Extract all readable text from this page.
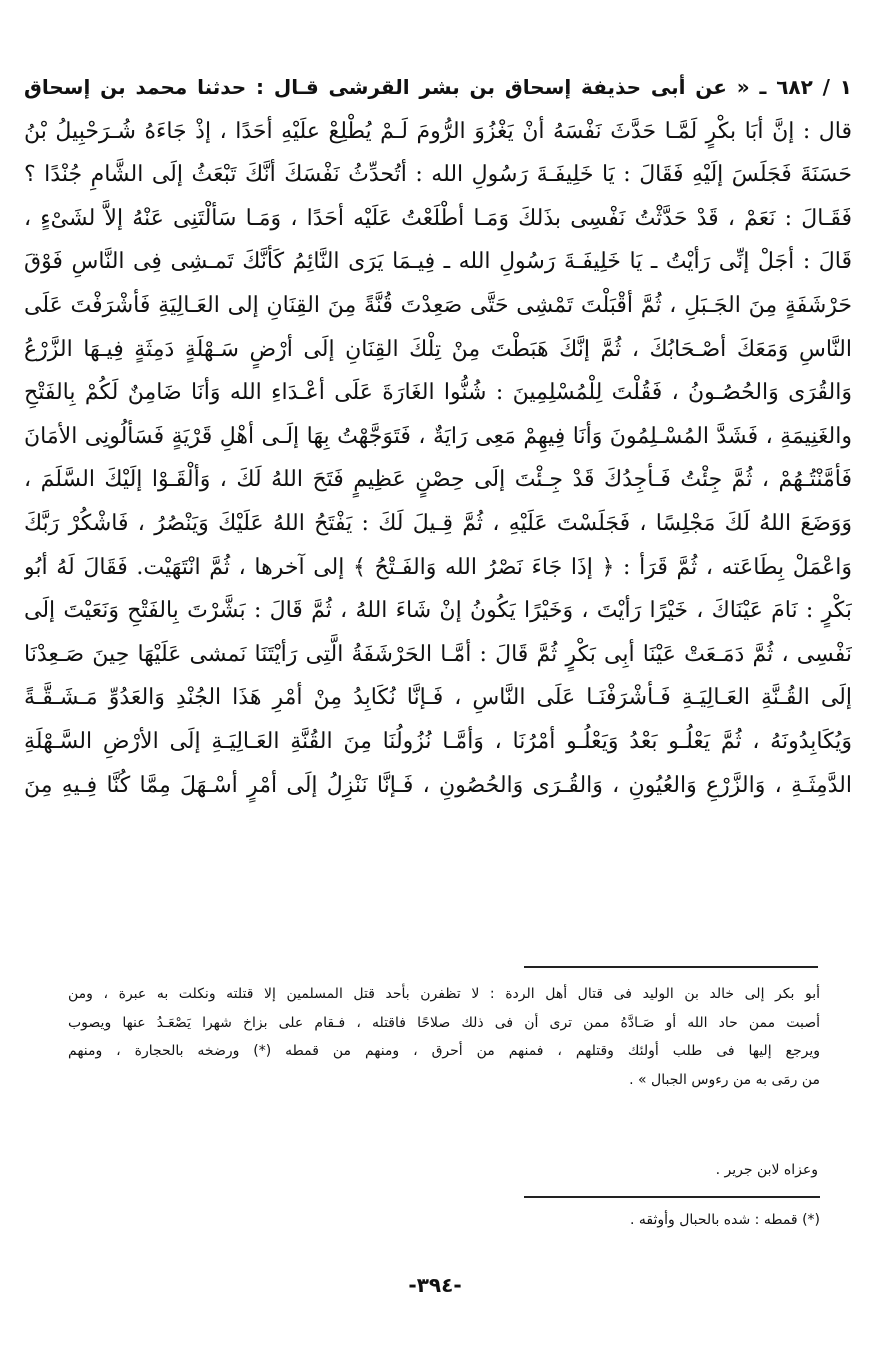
١ / ٦٨٢ ـ « عن أبى حذيفة إسحاق بن بشر القرشى قـال : حدثنا محمد بن إسحاق
قال : إنَّ أبَا بكْرٍ لَمَّـا حَدَّثَ نَفْسَهُ أنْ يَغْزُوَ الرُّومَ لَـمْ يُطْلِعْ علَيْهِ أحَدًا ، إذْ جَاءَهُ شُـرَحْبِيلُ بْنُ
حَسَنَةَ فَجَلَسَ إلَيْهِ فَقَالَ : يَا خَلِيفَـةَ رَسُولِ الله : أتُحدِّثُ نَفْسَكَ أنَّكَ تَبْعَثُ إلَى الشَّامِ جُنْدًا ؟
فَقَـالَ : نَعَمْ ، قَدْ حَدَّثْتُ نَفْسِى بذَلكَ وَمَـا أطْلَعْتُ عَلَيْه أحَدًا ، وَمَـا سَألْتَنِى عَنْهُ إلاَّ لشَىْءٍ ،
قَالَ : أجَلْ إنِّى رَأيْتُ ـ يَا خَلِيفَـةَ رَسُولِ الله ـ فِيـمَا يَرَى النَّائِمُ كَأنَّكَ تَمـشِى فِى النَّاسِ فَوْقَ
حَرْشَفَةٍ مِنَ الجَـبَلِ ، ثُمَّ أقْبَلْتَ تَمْشِى حَتَّى صَعِدْتَ قُنَّةً مِنَ القِنَانِ إلى العَـالِيَةِ فَأشْرَفْتَ عَلَى
النَّاسِ وَمَعَكَ أصْـحَابُكَ ، ثُمَّ إنَّكَ هَبَطْتَ مِنْ تِلْكَ القِنَانِ إلَى أرْضٍ سَـهْلَةٍ دَمِثَةٍ فِيـهَا الزَّرْعُ
وَالقُرَى وَالحُصُـونُ ، فَقُلْتَ لِلْمُسْلِمِينَ : شُنُّوا الغَارَةَ عَلَى أعْـدَاءِ الله وَأنَا ضَامِنٌ لَكُمْ بِالفَتْحِ
والغَنِيمَةِ ، فَشَدَّ المُسْـلِمُونَ وَأنَا فِيهِمْ مَعِى رَايَةٌ ، فَتَوَجَّهْتُ بِهَا إلَـى أهْلِ قَرْيَةٍ فَسَألُونِى الأمَانَ
فَأمَّنْتُـهُمْ ، ثُمَّ جِئْتُ فَـأجِدُكَ قَدْ جِـئْتَ إلَى حِصْنٍ عَظِيمٍ فَتَحَ اللهُ لَكَ ، وَألْقَـوْا إلَيْكَ السَّلَمَ ،
وَوَضَعَ اللهُ لَكَ مَجْلِسًا ، فَجَلَسْتَ عَلَيْهِ ، ثُمَّ قِـيلَ لَكَ : يَفْتَحُ اللهُ عَلَيْكَ وَيَنْصُرُ ، فَاشْكُرْ رَبَّكَ
وَاعْمَلْ بِطَاعَته ، ثُمَّ قَرَأ : ﴿ إذَا جَاءَ نَصْرُ الله وَالفَـتْحُ ﴾ إلى آخرها ، ثُمَّ انْتَهَيْت. فَقَالَ لَهُ أبُو
بَكْرٍ : نَامَ عَيْنَاكَ ، خَيْرًا رَأيْتَ ، وَخَيْرًا يَكُونُ إنْ شَاءَ اللهُ ، ثُمَّ قَالَ : بَشَّرْتَ بِالفَتْحِ وَنَعَيْتَ إلَى
نَفْسِى ، ثُمَّ دَمَـعَتْ عَيْنَا أبِى بَكْرٍ ثُمَّ قَالَ : أمَّـا الحَرْشَفَةُ الَّتِى رَأيْتَنَا نَمشى عَلَيْهَا حِينَ صَـعِدْنَا
إلَى القُـنَّةِ العَـالِيَـةِ فَـأشْرَفْنَـا عَلَى النَّاسِ ، فَـإنَّا نُكَابِدُ مِنْ أمْرِ هَذَا الجُنْدِ وَالعَدُوِّ مَـشَـقَّـةً
وَيُكَابِدُونَهُ ، ثُمَّ يَعْلُـو بَعْدُ وَيَعْلُـو أمْرُنَا ، وَأمَّـا نُزُولُنَا مِنَ القُنَّةِ العَـالِيَـةِ إلَى الأرْضِ السَّـهْلَةِ
الدَّمِثَـةِ ، وَالزَّرْعِ وَالعُيُونِ ، وَالقُـرَى وَالحُصُونِ ، فَـإنَّا نَنْزِلُ إلَى أمْرٍ أسْـهَلَ مِمَّا كُنَّا فِـيهِ مِنَ
أبو بكر إلى خالد بن الوليد فى قتال أهل الردة : لا تظفرن بأحد قتل المسلمين إلا قتلته ونكلت به عبرة ، ومن
أصبت ممن حاد الله أو صَـادَّهُ ممن ترى أن فى ذلك صلاحًا فاقتله ، فـقام على بزاخ شهرا يَصْعَـدُ عنها ويصوب
ويرجع إليها فى طلب أولئك وقتلهم ، فمنهم من أحرق ، ومنهم من قمطه (*) ورضخه بالحجارة ، ومنهم
من رمَى به من رءوس الجبال » .
وعزاه لابن جرير .
(*) قمطه : شده بالحبال وأوثقه .
-٣٩٤-
